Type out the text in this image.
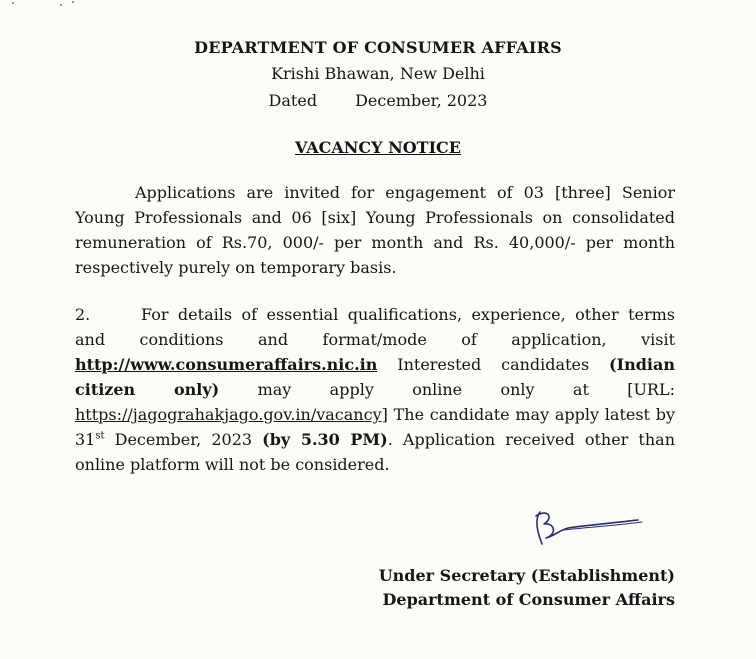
DEPARTMENT OF CONSUMER AFFAIRS
Krishi Bhawan, New Delhi
Dated December, 2023
VACANCY NOTICE
Applications are invited for engagement of 03 [three] Senior Young Professionals and 06 [six] Young Professionals on consolidated remuneration of Rs.70, 000/- per month and Rs. 40,000/- per month respectively purely on temporary basis.
2.	For details of essential qualifications, experience, other terms and conditions and format/mode of application, visit http://www.consumeraffairs.nic.in Interested candidates (Indian citizen only) may apply online only at [URL: https://jagograhakjago.gov.in/vacancy] The candidate may apply latest by 31st December, 2023 (by 5.30 PM). Application received other than online platform will not be considered.
Under Secretary (Establishment)
Department of Consumer Affairs
